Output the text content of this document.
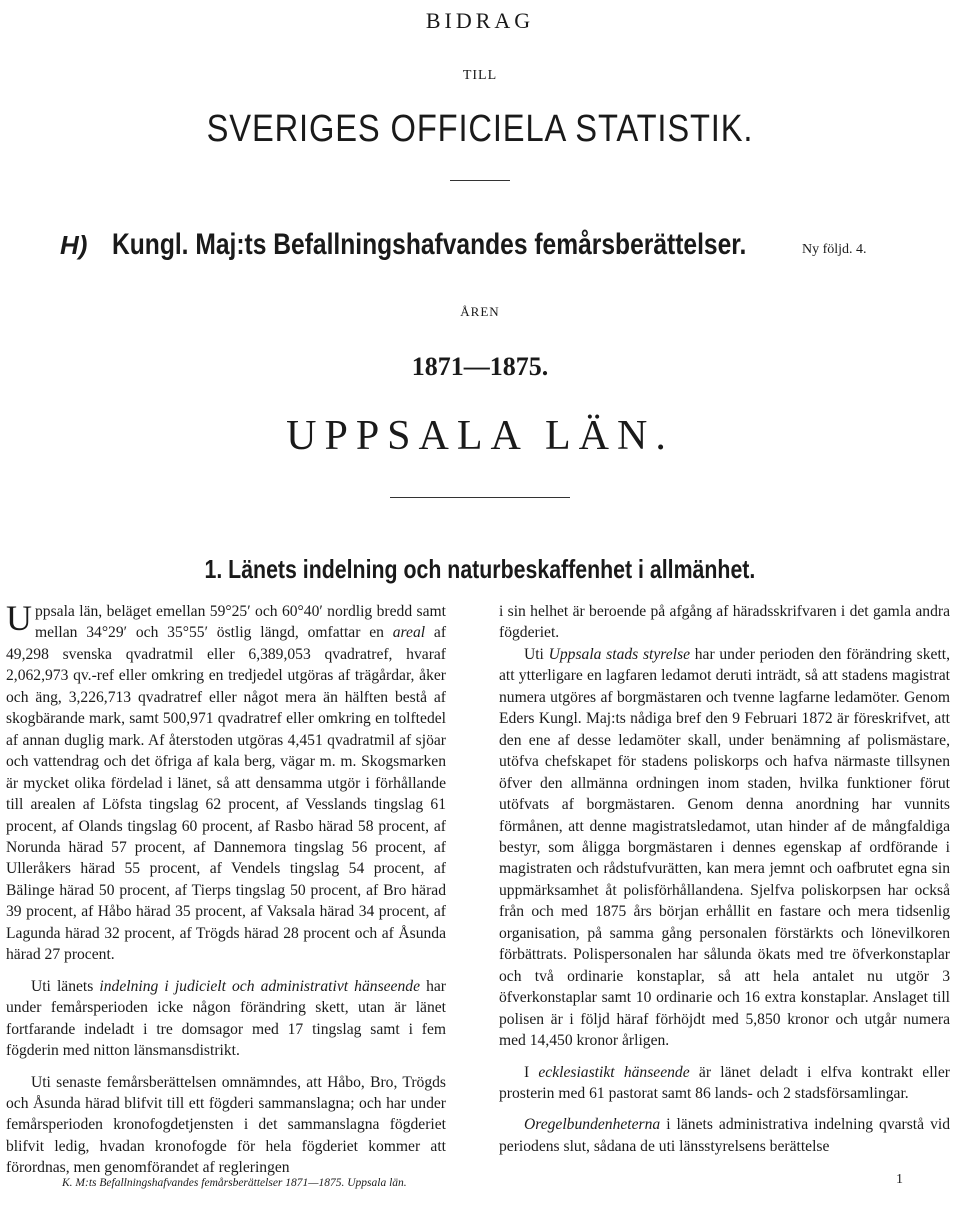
BIDRAG
TILL
SVERIGES OFFICIELA STATISTIK.
H) Kungl. Maj:ts Befallningshafvandes femårsberättelser.	Ny följd. 4.
ÅREN
1871—1875.
UPPSALA LÄN.
1. Länets indelning och naturbeskaffenhet i allmänhet.

Uppsala län, beläget emellan 59°25′ och 60°40′ nordlig bredd samt mellan 34°29′ och 35°55′ östlig längd, omfattar en areal af 49,298 svenska qvadratmil eller 6,389,053 qvadratref, hvaraf 2,062,973 qv.-ref eller omkring en tredjedel utgöras af trägårdar, åker och äng, 3,226,713 qvadratref eller något mera än hälften bestå af skogbärande mark, samt 500,971 qvadratref eller omkring en tolftedel af annan duglig mark. Af återstoden utgöras 4,451 qvadratmil af sjöar och vattendrag och det öfriga af kala berg, vägar m. m. Skogsmarken är mycket olika fördelad i länet, så att densamma utgör i förhållande till arealen af Löfsta tingslag 62 procent, af Vesslands tingslag 61 procent, af Olands tingslag 60 procent, af Rasbo härad 58 procent, af Norunda härad 57 procent, af Dannemora tingslag 56 procent, af Ulleråkers härad 55 procent, af Vendels tingslag 54 procent, af Bälinge härad 50 procent, af Tierps tingslag 50 procent, af Bro härad 39 procent, af Håbo härad 35 procent, af Vaksala härad 34 procent, af Lagunda härad 32 procent, af Trögds härad 28 procent och af Åsunda härad 27 procent.

Uti länets indelning i judicielt och administrativt hänseende har under femårsperioden icke någon förändring skett, utan är länet fortfarande indeladt i tre domsagor med 17 tingslag samt i fem fögderin med nitton länsmansdistrikt.

Uti senaste femårsberättelsen omnämndes, att Håbo, Bro, Trögds och Åsunda härad blifvit till ett fögderi sammanslagna; och har under femårsperioden kronofogdetjensten i det sammanslagna fögderiet blifvit ledig, hvadan kronofogde för hela fögderiet kommer att förordnas, men genomförandet af regleringen

i sin helhet är beroende på afgång af häradsskrifvaren i det gamla andra fögderiet.

Uti Uppsala stads styrelse har under perioden den förändring skett, att ytterligare en lagfaren ledamot deruti inträdt, så att stadens magistrat numera utgöres af borgmästaren och tvenne lagfarne ledamöter. Genom Eders Kungl. Maj:ts nådiga bref den 9 Februari 1872 är föreskrifvet, att den ene af desse ledamöter skall, under benämning af polismästare, utöfva chefskapet för stadens poliskorps och hafva närmaste tillsynen öfver den allmänna ordningen inom staden, hvilka funktioner förut utöfvats af borgmästaren. Genom denna anordning har vunnits förmånen, att denne magistratsledamot, utan hinder af de mångfaldiga bestyr, som åligga borgmästaren i dennes egenskap af ordförande i magistraten och rådstufvurätten, kan mera jemnt och oafbrutet egna sin uppmärksamhet åt polisförhållandena. Sjelfva poliskorpsen har också från och med 1875 års början erhållit en fastare och mera tidsenlig organisation, på samma gång personalen förstärkts och lönevilkoren förbättrats. Polispersonalen har sålunda ökats med tre öfverkonstaplar och två ordinarie konstaplar, så att hela antalet nu utgör 3 öfverkonstaplar samt 10 ordinarie och 16 extra konstaplar. Anslaget till polisen är i följd häraf förhöjdt med 5,850 kronor och utgår numera med 14,450 kronor årligen.

I ecklesiastikt hänseende är länet deladt i elfva kontrakt eller prosterin med 61 pastorat samt 86 lands- och 2 stadsförsamlingar.

Oregelbundenheterna i länets administrativa indelning qvarstå vid periodens slut, sådana de uti länsstyrelsens berättelse

K. M:ts Befallningshafvandes femårsberättelser 1871—1875. Uppsala län.	1
